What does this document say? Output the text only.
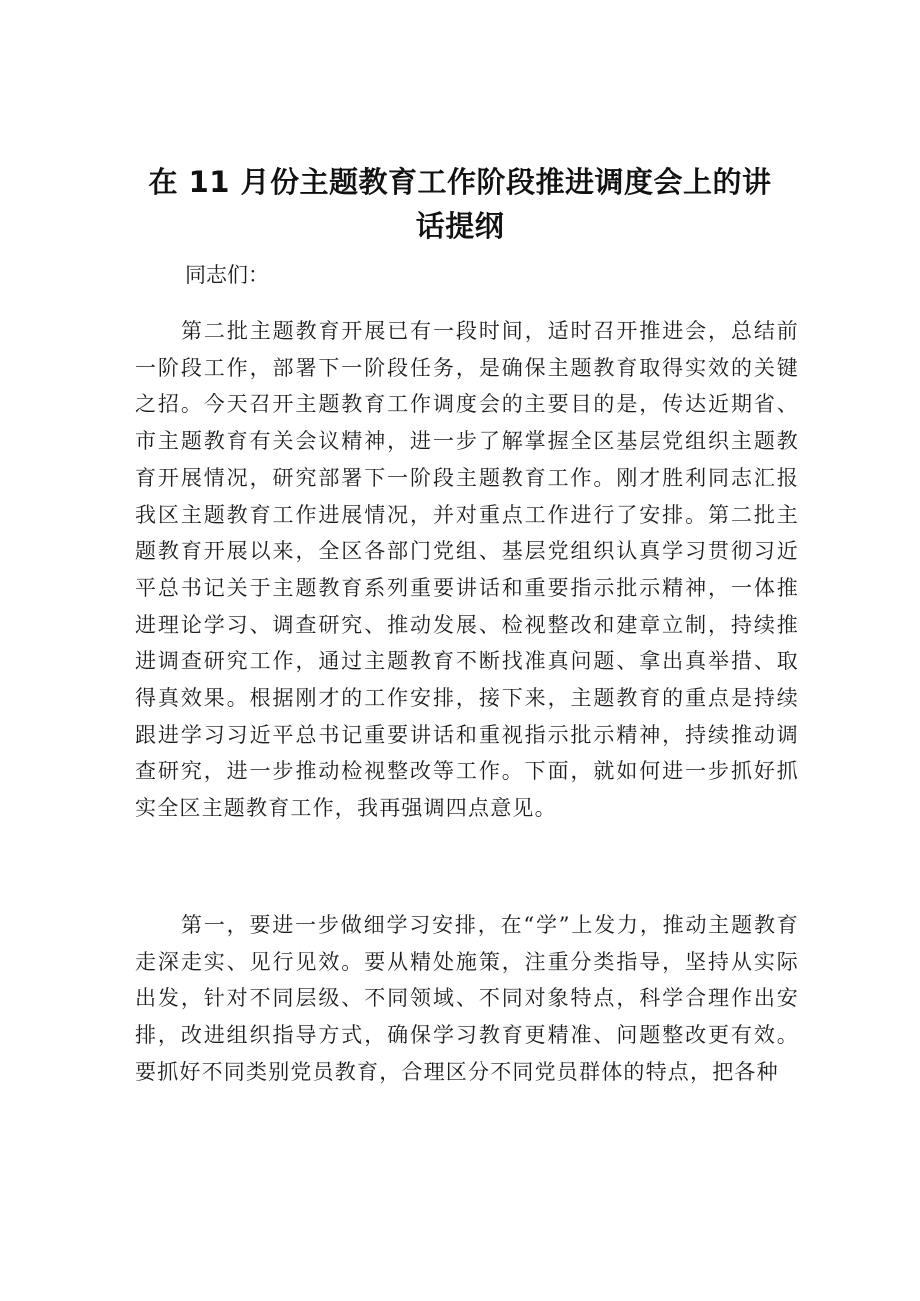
在 11 月份主题教育工作阶段推进调度会上的讲
话提纲
同志们：

第二批主题教育开展已有一段时间，适时召开推进会，总结前一阶段工作，部署下一阶段任务，是确保主题教育取得实效的关键之招。今天召开主题教育工作调度会的主要目的是，传达近期省、市主题教育有关会议精神，进一步了解掌握全区基层党组织主题教育开展情况，研究部署下一阶段主题教育工作。刚才胜利同志汇报我区主题教育工作进展情况，并对重点工作进行了安排。第二批主题教育开展以来，全区各部门党组、基层党组织认真学习贯彻习近平总书记关于主题教育系列重要讲话和重要指示批示精神，一体推进理论学习、调查研究、推动发展、检视整改和建章立制，持续推进调查研究工作，通过主题教育不断找准真问题、拿出真举措、取得真效果。根据刚才的工作安排，接下来，主题教育的重点是持续跟进学习习近平总书记重要讲话和重视指示批示精神，持续推动调查研究，进一步推动检视整改等工作。下面，就如何进一步抓好抓实全区主题教育工作，我再强调四点意见。

第一，要进一步做细学习安排，在“学”上发力，推动主题教育走深走实、见行见效。要从精处施策，注重分类指导，坚持从实际出发，针对不同层级、不同领域、不同对象特点，科学合理作出安排，改进组织指导方式，确保学习教育更精准、问题整改更有效。要抓好不同类别党员教育，合理区分不同党员群体的特点，把各种
